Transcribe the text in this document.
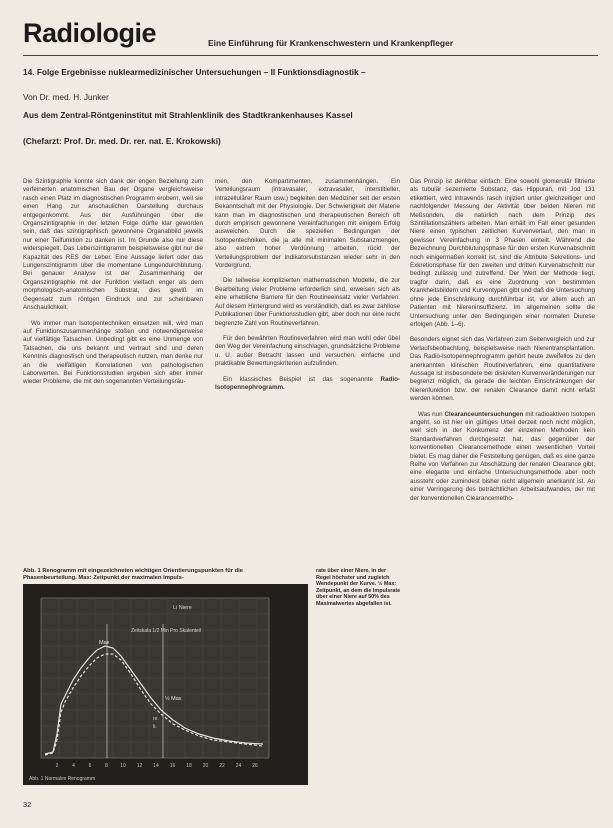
Radiologie	Eine Einführung für Krankenschwestern und Krankenpfleger
14. Folge Ergebnisse nuklearmedizinischer Untersuchungen – II Funktionsdiagnostik –
Von Dr. med. H. Junker
Aus dem Zentral-Röntgeninstitut mit Strahlenklinik des Stadtkrankenhauses Kassel
(Chefarzt: Prof. Dr. med. Dr. rer. nat. E. Krokowski)

Die Szintigraphie konnte sich dank der engen Beziehung zum verfeinerten anatomischen Bau der Organe vergleichsweise rasch einen Platz im diagnostischen Programm erobern, weil sie einen Hang zur anschaulichen Darstellung durchaus entgegenkommt. Aus der Ausführungen über die Organszintigraphie in der letzten Folge dürfte klar geworden sein, daß das szintigraphisch gewonnene Organabbild jeweils nur einer Teilfunktion zu danken ist. Im Grunde also nur diese widerspiegelt. Das Leberszintigramm beispielsweise gibt nur die Kapazität des RES der Leber. Eine Aussage liefert oder das Lungenszintigramm über die momentane Lungendurchblutung. Bei genauer Analyse ist der Zusammenhang der Organszintigraphie mit der Funktion vielfach enger als dem morphologisch-anatomischen Substrat, dies gewiß im Gegensatz zum röntgen Eindruck und zur scheinbaren Anschaulichkeit.

Wo immer man Isotopentechniken einsetzen will, wird man auf Funktionszusammenhänge stoßen und notwendigerweise auf vielfältige Tatsachen. Unbedingt gibt es eine Unmenge von Tatsachen, die uns bekannt und vertraut sind und deren Kenntnis diagnostisch und therapeutisch nutzen, man denke nur an die vielfältigen Korrelationen von pathologischen Laborwerten. Bei Funktionsstudien ergeben sich aber immer wieder Probleme, die mit den sogenannten Verteilungsräu-

men, den Kompartimenten, zusammenhängen. Ein Verteilungsraum (intravasaler, extravasaler, interstitieller, intrazellulärer Raum usw.) begleiten den Mediziner seit der ersten Bekanntschaft mit der Physiologie. Der Schwierigkeit der Materie kann man im diagnostischen und therapeutischen Bereich oft durch empirisch gewonnene Vereinfachungen mit einigem Erfolg ausweichen. Durch die speziellen Bedingungen der Isotopentechniken, die ja alle mit minimalen Substanzmengen, also extrem hoher Verdünnung arbeiten, rückt der Verteilungsproblem der Indikatorsubstanzen wieder sehr in den Vordergrund.

Die teilweise komplizierten mathematischen Modelle, die zur Bearbeitung vieler Probleme erforderlich sind, erweisen sich als eine erhebliche Barriere für den Routineeinsatz vieler Verfahren. Auf diesem Hintergrund wird es verständlich, daß es zwar zahllose Publikationen über Funktionsstudien gibt, aber doch nur eine recht begrenzte Zahl von Routineverfahren.

Für den bewährten Routineverfahren wird man wohl oder übel den Weg der Vereinfachung einschlagen, grundsätzliche Probleme u. U. außer Betracht lassen und versuchen, einfache und praktikable Bewertungskriterien aufzufinden.

Ein klassisches Beispiel ist das sogenannte Radio-Isotopennephrogramm.

Das Prinzip ist denkbar einfach. Eine sowohl glomerulär filtrierte als tubulär sezernierte Substanz, das Hippurań, mit Jod 131 etikettiert, wird intravenös rasch injiziert unter gleichzeitiger und nachfolgender Messung der Aktivität über beiden Nieren mit Meßsonden, die natürlich nach dem Prinzip des Szintillationszählers arbeiten. Man erhält im Fall einer gesunden Niere einen typischen zeitlichen Kurvenverlauf, den man in gewisser Vereinfachung in 3 Phasen einteilt. Während die Bezeichnung Durchblutungsphase für den ersten Kurvenabschnitt noch einigermaßen korrekt ist, sind die Attribute Sekretions- und Exkretionsphase für den zweiten und dritten Kurvenabschnitt nur bedingt zulässig und zutreffend. Der Wert der Methode liegt, tragfor darin, daß es eine Zuordnung von bestimmten Krankheitsbildern und Kurventypen gibt und daß die Untersuchung ohne jede Einschränkung durchführbar ist, vor allem auch an Patienten mit Niereninsuffizienz. Im allgemeinen sollte die Untersuchung unter den Bedingungen einer normalen Diurese erfolgen (Abb. 1–6).

Besonders eignet sich das Verfahren zum Seitenvergleich und zur Verlaufsbeobachtung, beispielsweise nach Nierentransplantation. Das Radio-Isotopennephrogramm gehört heute zweifellos zu den anerkannten klinischen Routineverfahren, eine quantitativere Aussage ist insbesondere bei diskreten Kurvenveränderungen nur begrenzt möglich, da gerade die leichten Einschränkungen der Nierenfunktion bzw. der renalen Clearance damit nicht erfaßt werden können.

Was nun Clearanceuntersuchungen mit radioaktiven Isotopen angeht, so ist hier ein gültiges Urteil derzeit noch nicht möglich, weil sich in der Konkurrenz der einzelnen Methoden kein Standardverfahren durchgesetzt hat, das gegenüber der konventionellen Clearancemethode einen wesentlichen Vorteil bietet. Es mag daher die Feststellung genügen, daß es eine ganze Reihe von Verfahren zur Abschätzung der renalen Clearance gibt, eine elegante und einfache Untersuchungsmethode aber noch aussteht oder zumindest bisher nicht allgemein anerkannt ist. An einer Verringerung des beträchtlichen Arbeitsaufwandes, der mit der konventionellen Clearancemetho-

Abb. 1 Renogramm mit eingezeichneten wichtigen Orientierungspunkten für die Phasenbeurteilung. Max: Zeitpunkt der maximalen Impuls-
rate über einer Niere, in der Regel höchster und zugleich Wendepunkt der Kurve. ½ Max: Zeitpunkt, an dem die Impulsrate über einer Niere auf 50% des Maximalwertes abgefallen ist.
Li Niere
Zeitskala 1/2 Min Pro Skalenteil
Max
½ Max
re.
li.
2	4	6	8 10 12 14 16 18 20 22 24 26
Abb. 1 Normales Renogramm
32
